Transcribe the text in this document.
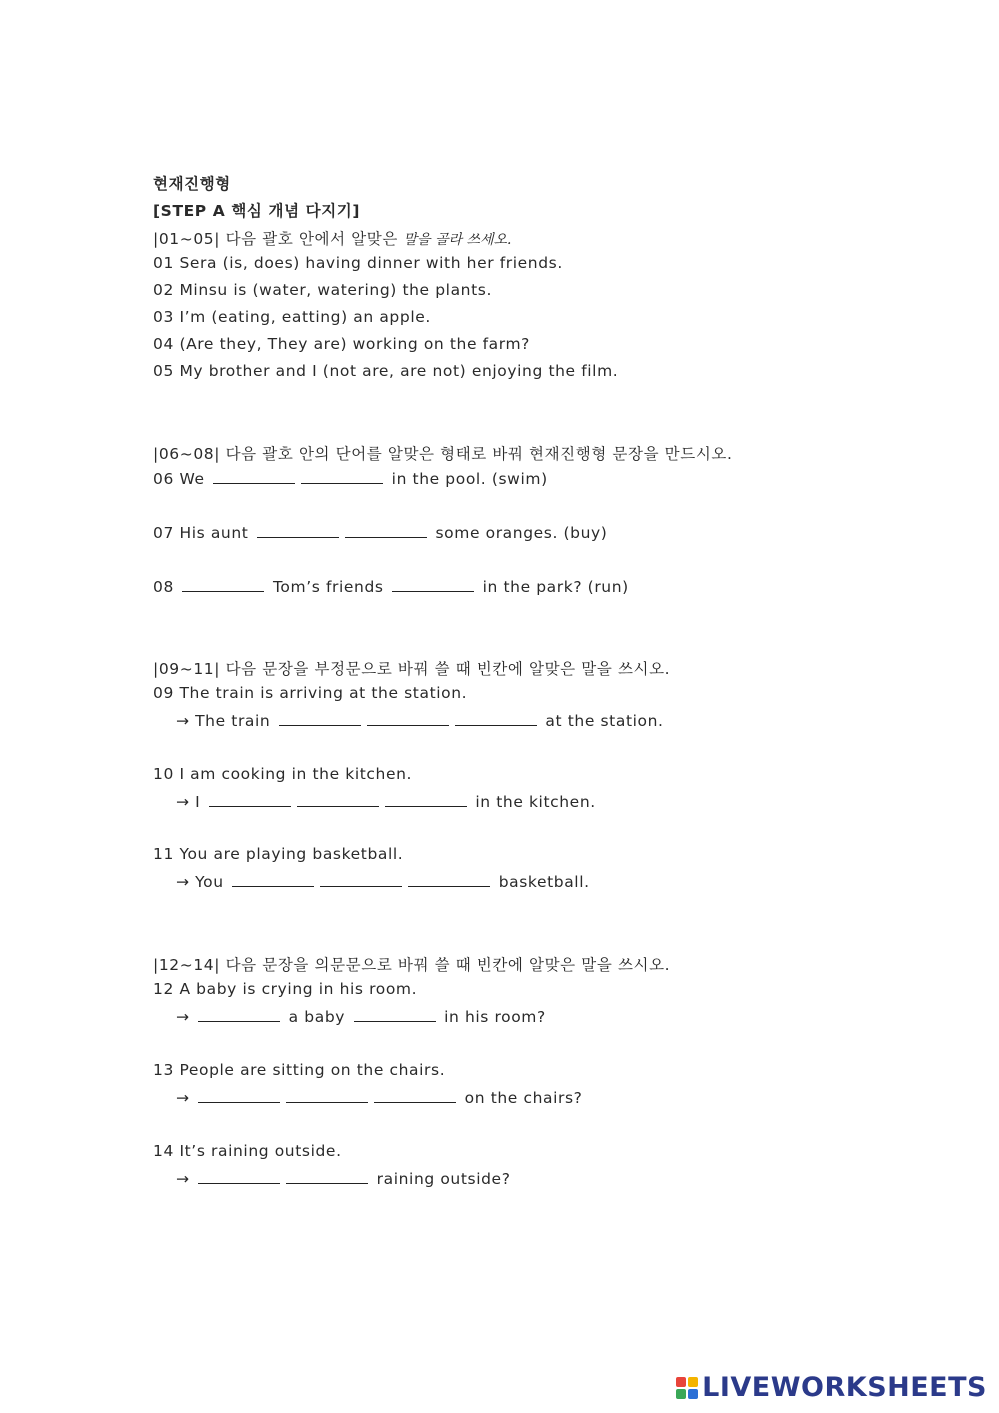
현재진행형
[STEP A 핵심 개념 다지기]
|01~05| 다음 괄호 안에서 알맞은 말을 골라 쓰세오.
01 Sera (is, does) having dinner with her friends.
02 Minsu is (water, watering) the plants.
03 I’m (eating, eatting) an apple.
04 (Are they, They are) working on the farm?
05 My brother and I (not are, are not) enjoying the film.
|06~08| 다음 괄호 안의 단어를 알맞은 형태로 바꿔 현재진행형 문장을 만드시오.
06 We	in the pool. (swim)
07 His aunt	some oranges. (buy)
08	Tom’s friends	in the park? (run)
|09~11| 다음 문장을 부정문으로 바꿔 쓸 때 빈칸에 알맞은 말을 쓰시오.
09 The train is arriving at the station.
→ The train	at the station.
10 I am cooking in the kitchen.
→ I	in the kitchen.
11 You are playing basketball.
→ You	basketball.
|12~14| 다음 문장을 의문문으로 바꿔 쓸 때 빈칸에 알맞은 말을 쓰시오.
12 A baby is crying in his room.
→	a baby	in his room?
13 People are sitting on the chairs.
→	on the chairs?
14 It’s raining outside.
→	raining outside?
LIVEWORKSHEETS
